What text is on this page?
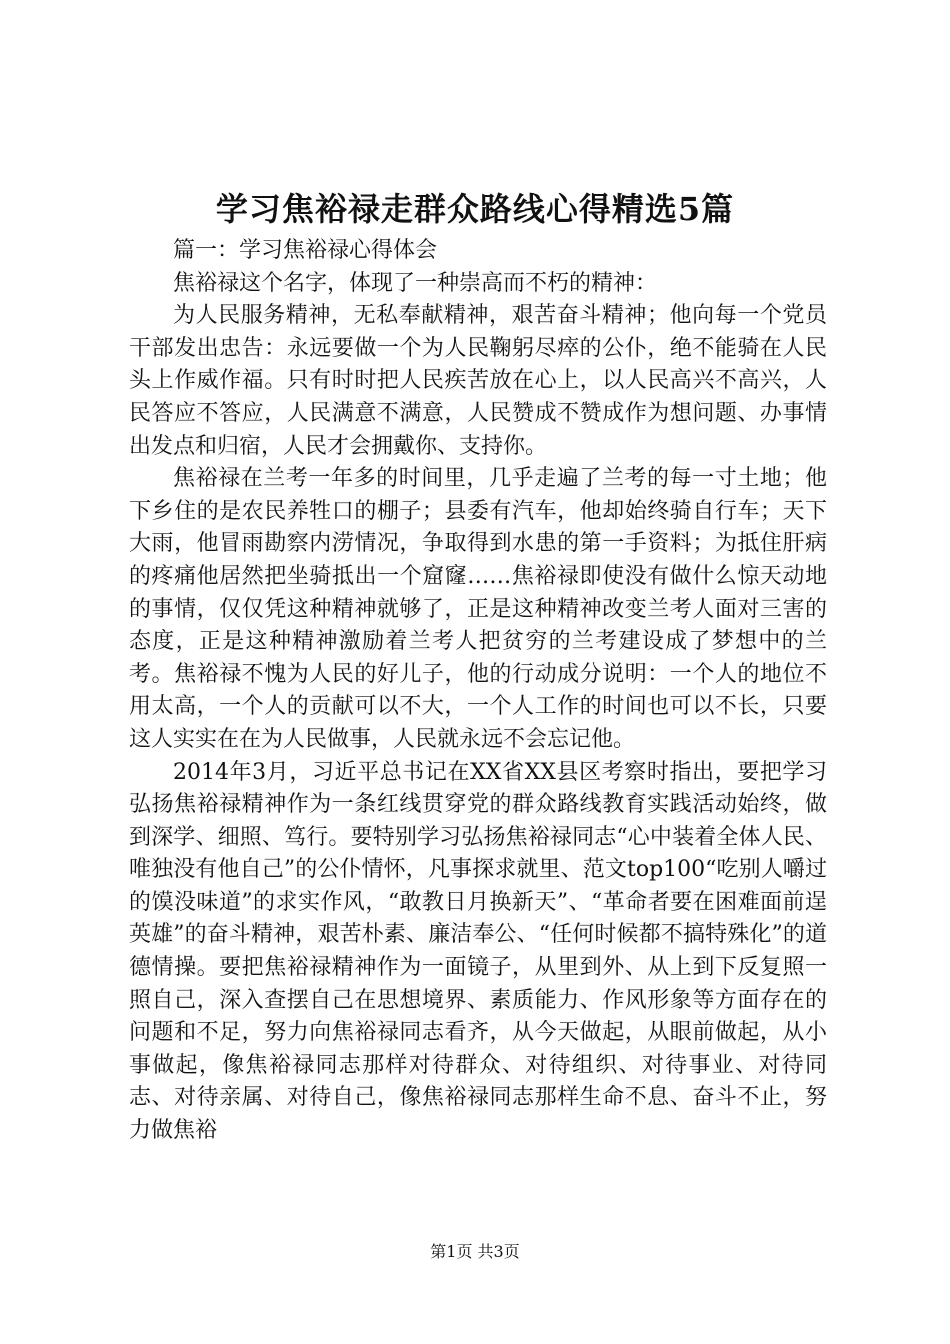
学习焦裕禄走群众路线心得精选5篇

篇一：学习焦裕禄心得体会

焦裕禄这个名字，体现了一种崇高而不朽的精神：

为人民服务精神，无私奉献精神，艰苦奋斗精神；他向每一个党员干部发出忠告：永远要做一个为人民鞠躬尽瘁的公仆，绝不能骑在人民头上作威作福。只有时时把人民疾苦放在心上，以人民高兴不高兴，人民答应不答应，人民满意不满意，人民赞成不赞成作为想问题、办事情出发点和归宿，人民才会拥戴你、支持你。

焦裕禄在兰考一年多的时间里，几乎走遍了兰考的每一寸土地；他下乡住的是农民养牲口的棚子；县委有汽车，他却始终骑自行车；天下大雨，他冒雨勘察内涝情况，争取得到水患的第一手资料；为抵住肝病的疼痛他居然把坐骑抵出一个窟窿……焦裕禄即使没有做什么惊天动地的事情，仅仅凭这种精神就够了，正是这种精神改变兰考人面对三害的态度，正是这种精神激励着兰考人把贫穷的兰考建设成了梦想中的兰考。焦裕禄不愧为人民的好儿子，他的行动成分说明：一个人的地位不用太高，一个人的贡献可以不大，一个人工作的时间也可以不长，只要这人实实在在为人民做事，人民就永远不会忘记他。

2014年3月，习近平总书记在XX省XX县区考察时指出，要把学习弘扬焦裕禄精神作为一条红线贯穿党的群众路线教育实践活动始终，做到深学、细照、笃行。要特别学习弘扬焦裕禄同志“心中装着全体人民、唯独没有他自己”的公仆情怀，凡事探求就里、范文top100“吃别人嚼过的馍没味道”的求实作风，“敢教日月换新天”、“革命者要在困难面前逞英雄”的奋斗精神，艰苦朴素、廉洁奉公、“任何时候都不搞特殊化”的道德情操。要把焦裕禄精神作为一面镜子，从里到外、从上到下反复照一照自己，深入查摆自己在思想境界、素质能力、作风形象等方面存在的问题和不足，努力向焦裕禄同志看齐，从今天做起，从眼前做起，从小事做起，像焦裕禄同志那样对待群众、对待组织、对待事业、对待同志、对待亲属、对待自己，像焦裕禄同志那样生命不息、奋斗不止，努力做焦裕

第1页 共3页
